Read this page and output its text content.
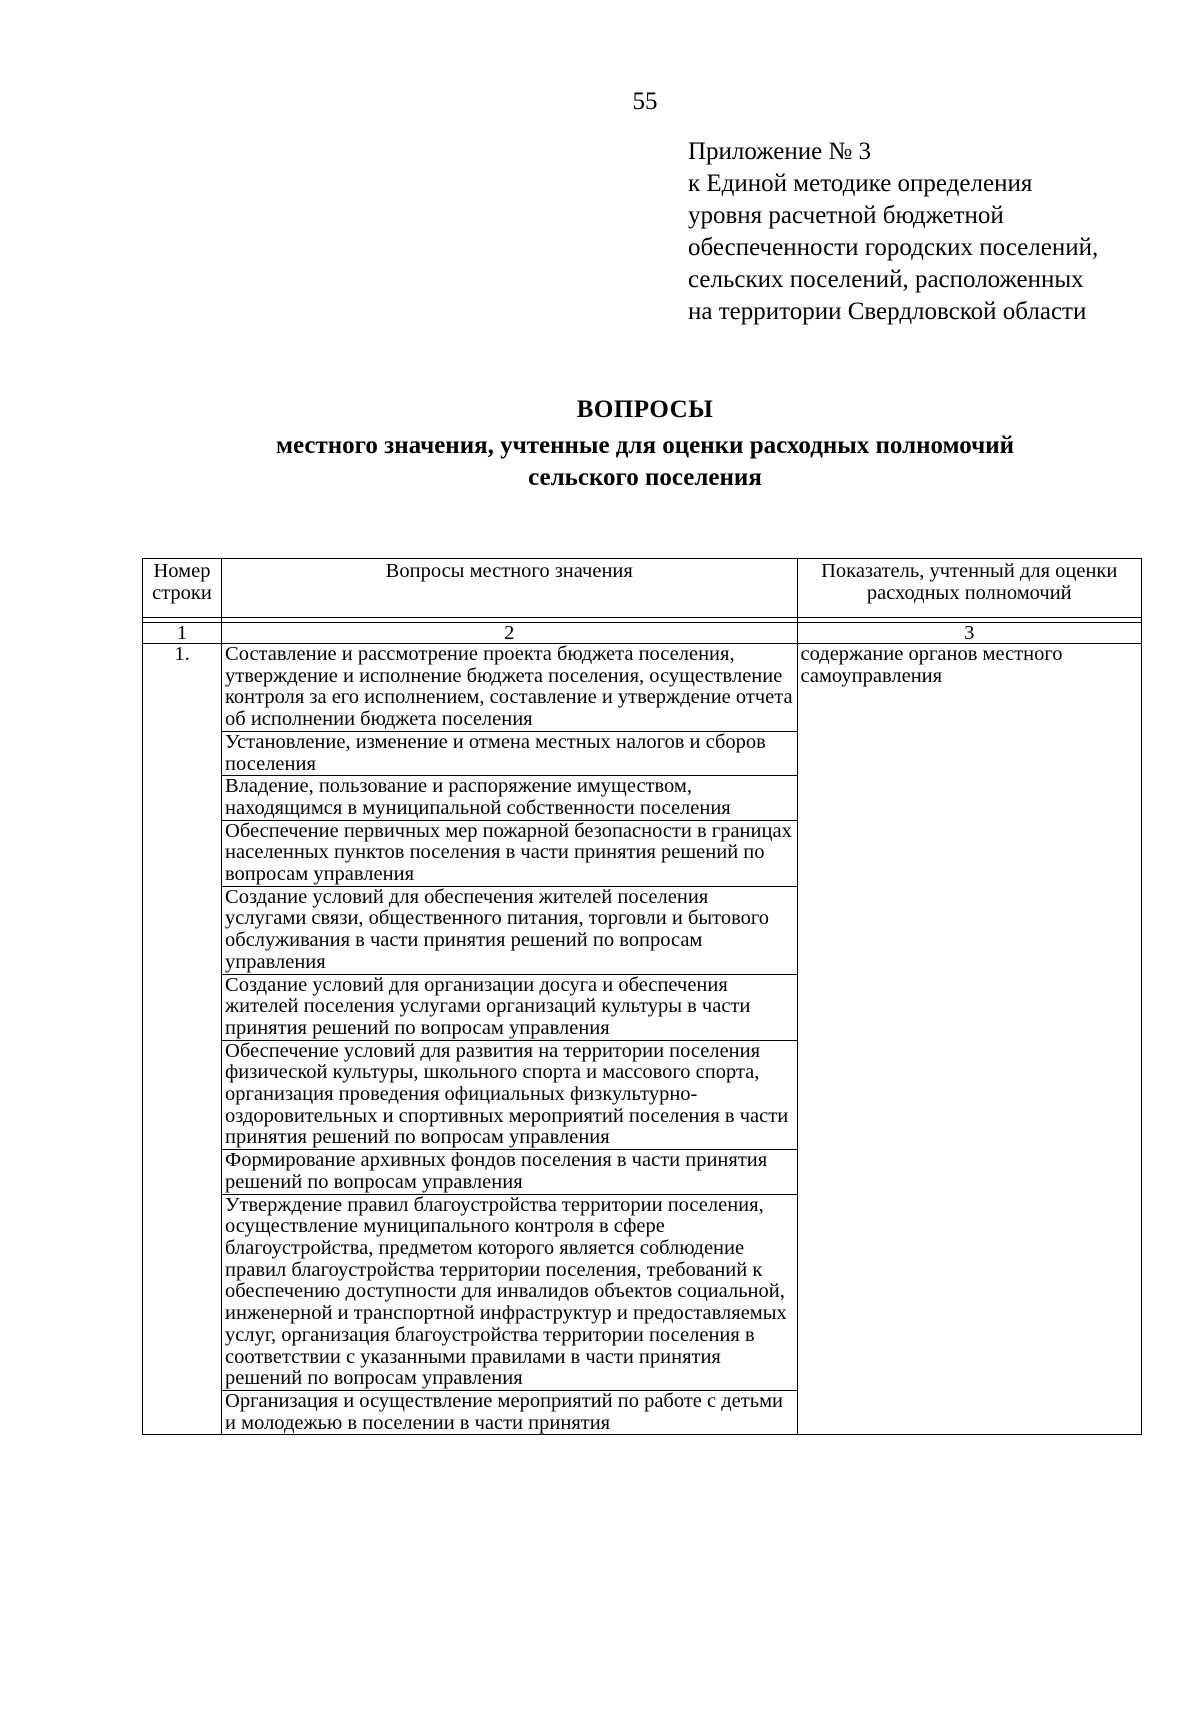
55
Приложение № 3
к Единой методике определения
уровня расчетной бюджетной
обеспеченности городских поселений,
сельских поселений, расположенных
на территории Свердловской области
ВОПРОСЫ
местного значения, учтенные для оценки расходных полномочий
сельского поселения
Номер строки	Вопросы местного значения	Показатель, учтенный для оценки расходных полномочий

1	2	3
1.	Составление и рассмотрение проекта бюджета поселения, утверждение и исполнение бюджета поселения, осуществление контроля за его исполнением, составление и утверждение отчета об исполнении бюджета поселения	содержание органов местного самоуправления
	Установление, изменение и отмена местных налогов и сборов поселения	
	Владение, пользование и распоряжение имуществом, находящимся в муниципальной собственности поселения	
	Обеспечение первичных мер пожарной безопасности в границах населенных пунктов поселения в части принятия решений по вопросам управления	
	Создание условий для обеспечения жителей поселения услугами связи, общественного питания, торговли и бытового обслуживания в части принятия решений по вопросам управления	
	Создание условий для организации досуга и обеспечения жителей поселения услугами организаций культуры в части принятия решений по вопросам управления	
	Обеспечение условий для развития на территории поселения физической культуры, школьного спорта и массового спорта, организация проведения официальных физкультурно-оздоровительных и спортивных мероприятий поселения в части принятия решений по вопросам управления	
	Формирование архивных фондов поселения в части принятия решений по вопросам управления	
	Утверждение правил благоустройства территории поселения, осуществление муниципального контроля в сфере благоустройства, предметом которого является соблюдение правил благоустройства территории поселения, требований к обеспечению доступности для инвалидов объектов социальной, инженерной и транспортной инфраструктур и предоставляемых услуг, организация благоустройства территории поселения в соответствии с указанными правилами в части принятия решений по вопросам управления	
	Организация и осуществление мероприятий по работе с детьми и молодежью в поселении в части принятия	
